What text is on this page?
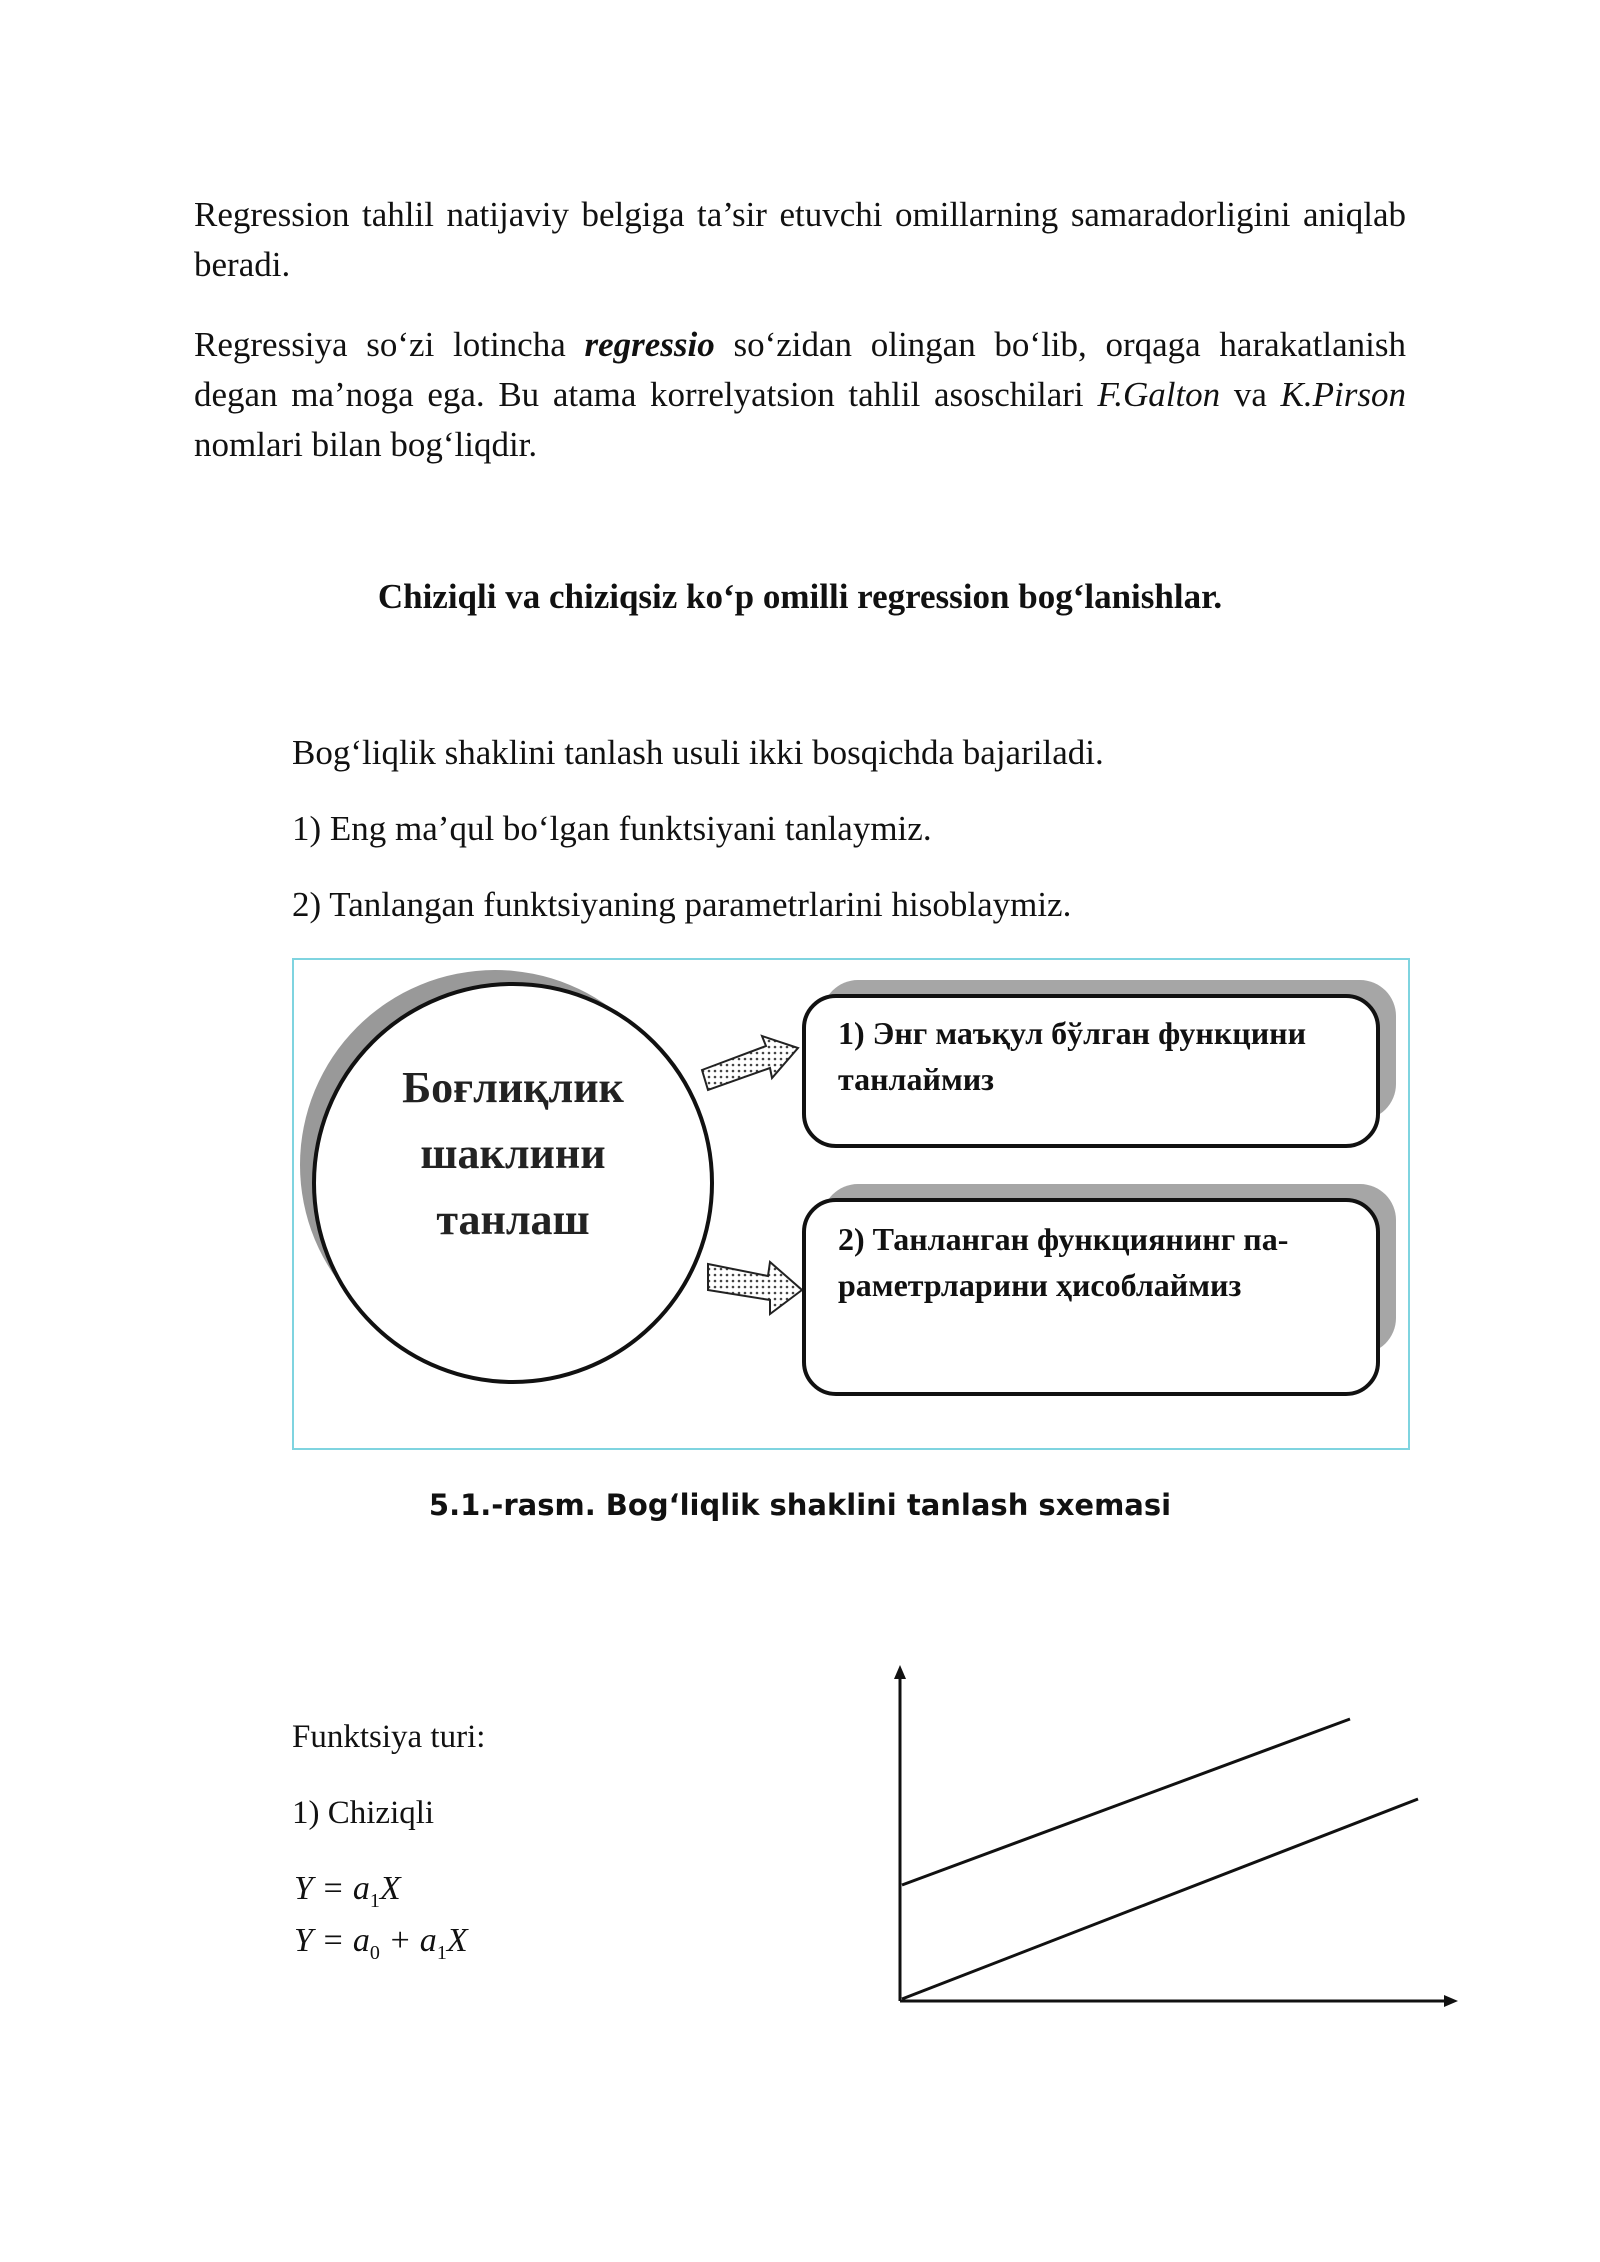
Regression tahlil natijaviy belgiga ta’sir etuvchi omillarning samaradorligini aniqlab beradi.

Regressiya so‘zi lotincha regressio so‘zidan olingan bo‘lib, orqaga harakatlanish degan ma’noga ega. Bu atama korrelyatsion tahlil asoschilari F.Galton va K.Pirson nomlari bilan bog‘liqdir.

Chiziqli va chiziqsiz ko‘p omilli regression bog‘lanishlar.

Bog‘liqlik shaklini tanlash usuli ikki bosqichda bajariladi.

1) Eng ma’qul bo‘lgan funktsiyani tanlaymiz.

2) Tanlangan funktsiyaning parametrlarini hisoblaymiz.

Боғлиқлик
шаклини
танлаш

1) Энг маъқул бўлган функцини
танлаймиз

2) Танланган функциянинг па-
раметрларини ҳисоблаймиз

5.1.-rasm. Bog‘liqlik shaklini tanlash sxemasi

Funktsiya turi:

1) Chiziqli

$Y = a_1X$

$Y = a_0 + a_1X$
